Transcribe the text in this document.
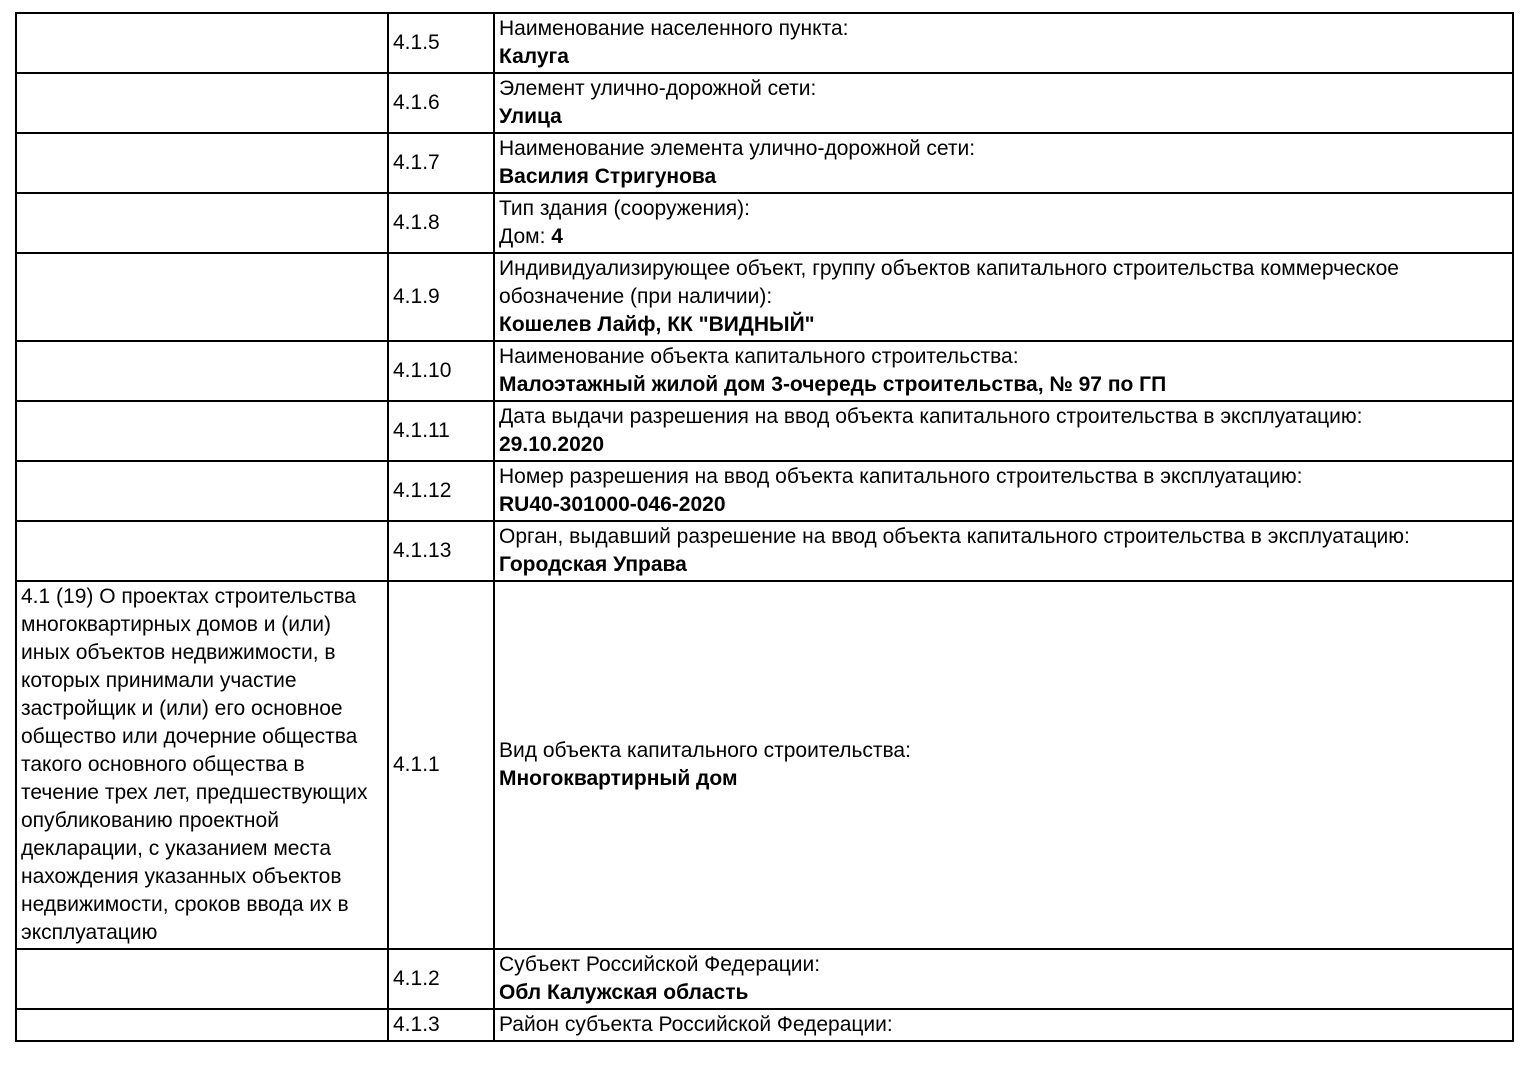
	4.1.5	Наименование населенного пункта:
Калуга

	4.1.6	Элемент улично-дорожной сети:
Улица

	4.1.7	Наименование элемента улично-дорожной сети:
Василия Стригунова

	4.1.8	Тип здания (сооружения):
Дом: 4

	4.1.9	Индивидуализирующее объект, группу объектов капитального строительства коммерческое обозначение (при наличии):
Кошелев Лайф, КК "ВИДНЫЙ"

	4.1.10	Наименование объекта капитального строительства:
Малоэтажный жилой дом 3-очередь строительства, № 97 по ГП

	4.1.11	Дата выдачи разрешения на ввод объекта капитального строительства в эксплуатацию:
29.10.2020

	4.1.12	Номер разрешения на ввод объекта капитального строительства в эксплуатацию:
RU40-301000-046-2020

	4.1.13	Орган, выдавший разрешение на ввод объекта капитального строительства в эксплуатацию:
Городская Управа

4.1 (19) О проектах строительства многоквартирных домов и (или) иных объектов недвижимости, в которых принимали участие застройщик и (или) его основное общество или дочерние общества такого основного общества в течение трех лет, предшествующих опубликованию проектной декларации, с указанием места нахождения указанных объектов недвижимости, сроков ввода их в эксплуатацию	4.1.1	Вид объекта капитального строительства:
Многоквартирный дом

	4.1.2	Субъект Российской Федерации:
Обл Калужская область

	4.1.3	Район субъекта Российской Федерации:
